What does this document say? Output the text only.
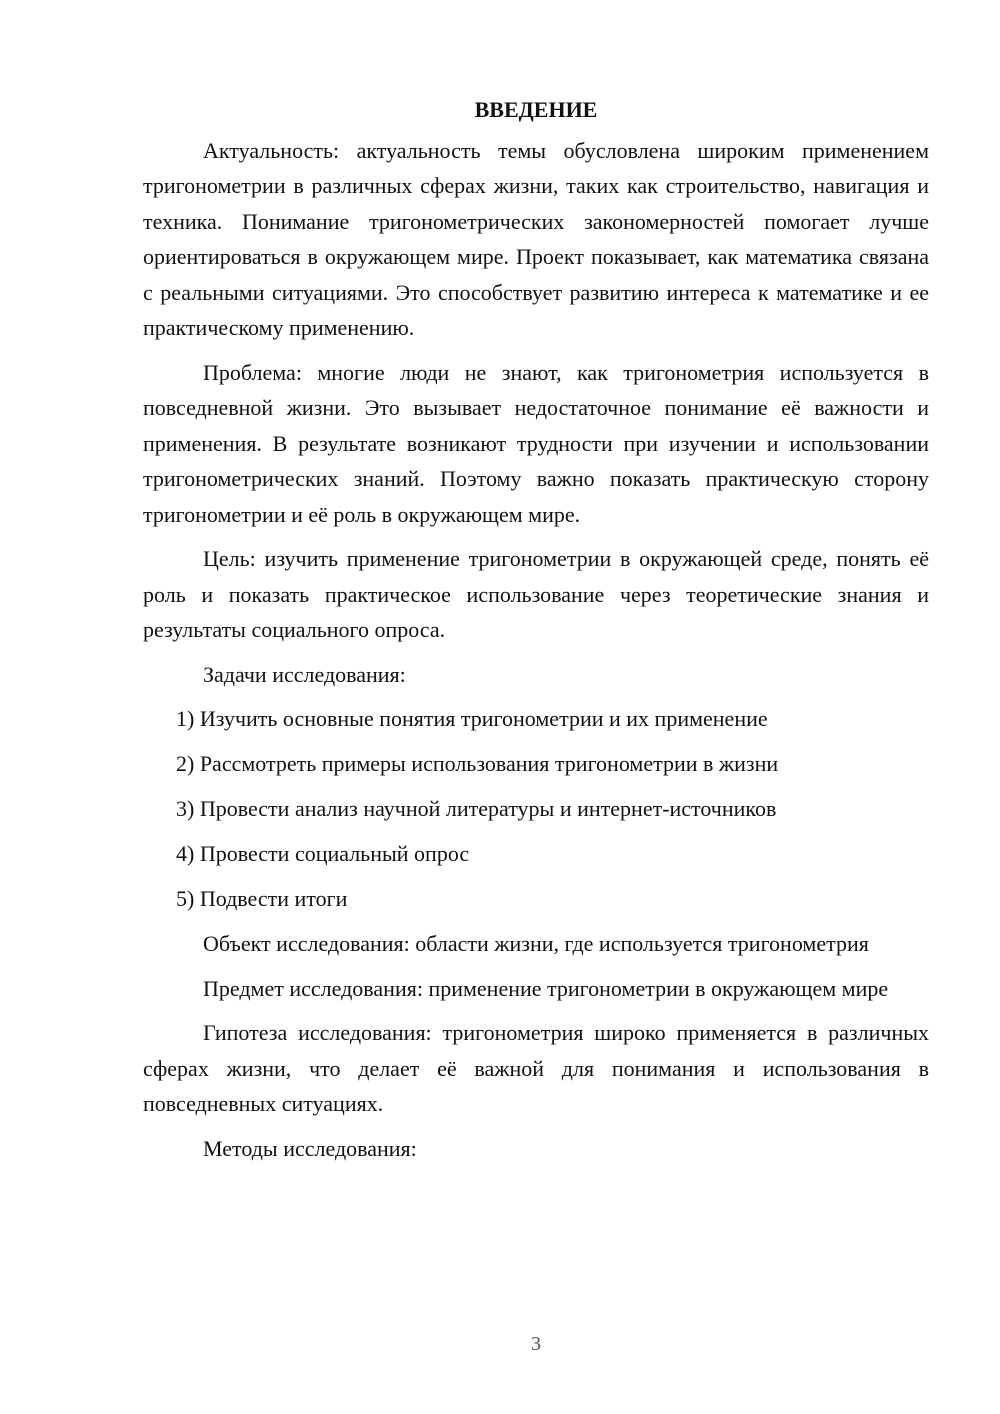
ВВЕДЕНИЕ

Актуальность: актуальность темы обусловлена широким применением тригонометрии в различных сферах жизни, таких как строительство, навигация и техника. Понимание тригонометрических закономерностей помогает лучше ориентироваться в окружающем мире. Проект показывает, как математика связана с реальными ситуациями. Это способствует развитию интереса к математике и ее практическому применению.

Проблема: многие люди не знают, как тригонометрия используется в повседневной жизни. Это вызывает недостаточное понимание её важности и применения. В результате возникают трудности при изучении и использовании тригонометрических знаний. Поэтому важно показать практическую сторону тригонометрии и её роль в окружающем мире.

Цель: изучить применение тригонометрии в окружающей среде, понять её роль и показать практическое использование через теоретические знания и результаты социального опроса.

Задачи исследования:

1) Изучить основные понятия тригонометрии и их применение
2) Рассмотреть примеры использования тригонометрии в жизни
3) Провести анализ научной литературы и интернет-источников
4) Провести социальный опрос
5) Подвести итоги

Объект исследования: области жизни, где используется тригонометрия

Предмет исследования: применение тригонометрии в окружающем мире

Гипотеза исследования: тригонометрия широко применяется в различных сферах жизни, что делает её важной для понимания и использования в повседневных ситуациях.

Методы исследования:

3
